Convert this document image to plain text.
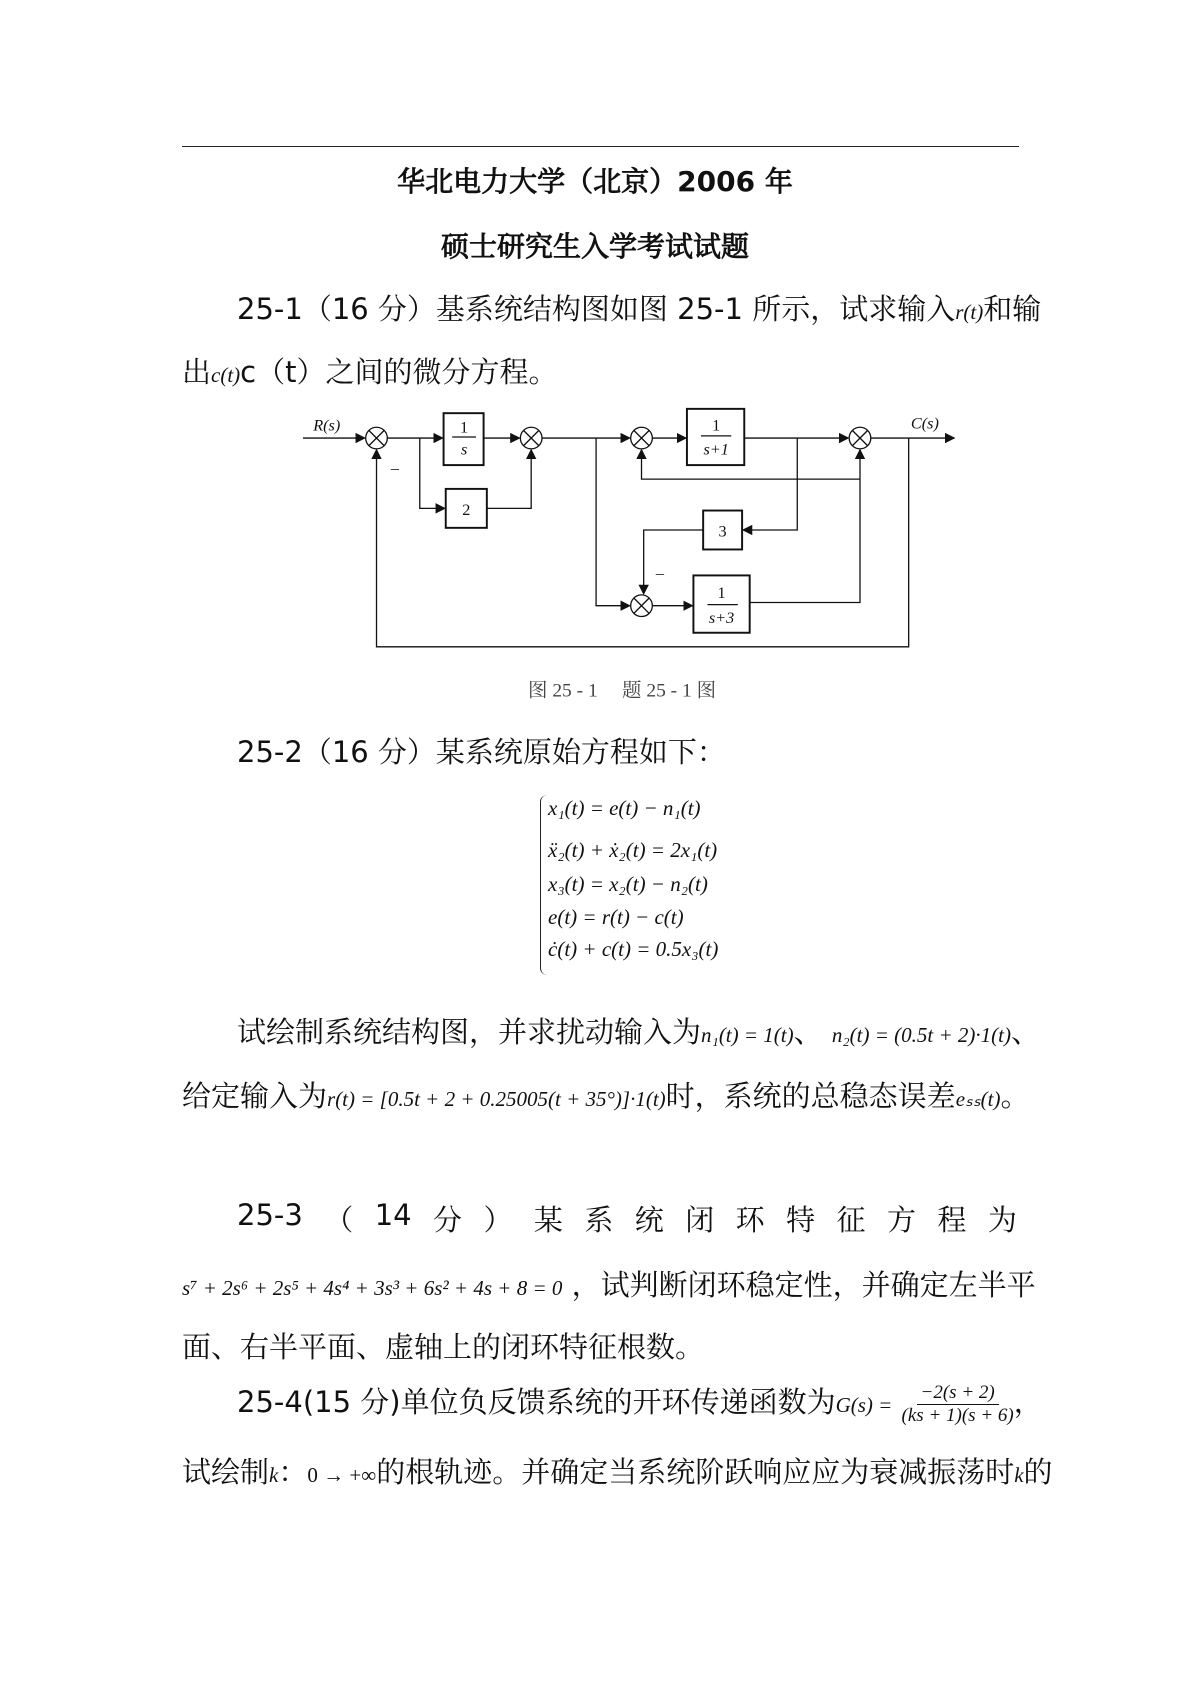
华北电力大学（北京）2006 年
硕士研究生入学考试试题
25-1（16 分）基系统结构图如图 25-1 所示，试求输入r(t)和输
出c(t)c（t）之间的微分方程。
R(s)	C(s)
1
s
2
1
s+1
3
1
s+3
–
–
图 25 - 1　 题 25 - 1 图
25-2（16 分）某系统原始方程如下：
x₁(t) = e(t) − n₁(t)
ẍ₂(t) + ẋ₂(t) = 2x₁(t)
x₃(t) = x₂(t) − n₂(t)
e(t) = r(t) − c(t)
ċ(t) + c(t) = 0.5x₃(t)
试绘制系统结构图，并求扰动输入为n₁(t) = 1(t)、 n₂(t) = (0.5t + 2)·1(t)、
给定输入为r(t) = [0.5t + 2 + 0.25005(t + 35°)]·1(t)时，系统的总稳态误差eₛₛ(t)。
25-3 （ 14 分 ） 某 系 统 闭 环 特 征 方 程 为
s⁷ + 2s⁶ + 2s⁵ + 4s⁴ + 3s³ + 6s² + 4s + 8 = 0 ，试判断闭环稳定性，并确定左半平
面、右半平面、虚轴上的闭环特征根数。
25-4(15 分)单位负反馈系统的开环传递函数为$G(s) = \frac{-2(s + 2)}{(ks + 1)(s + 6)}$ ，
试绘制k：0 → +∞的根轨迹。并确定当系统阶跃响应应为衰减振荡时k的
